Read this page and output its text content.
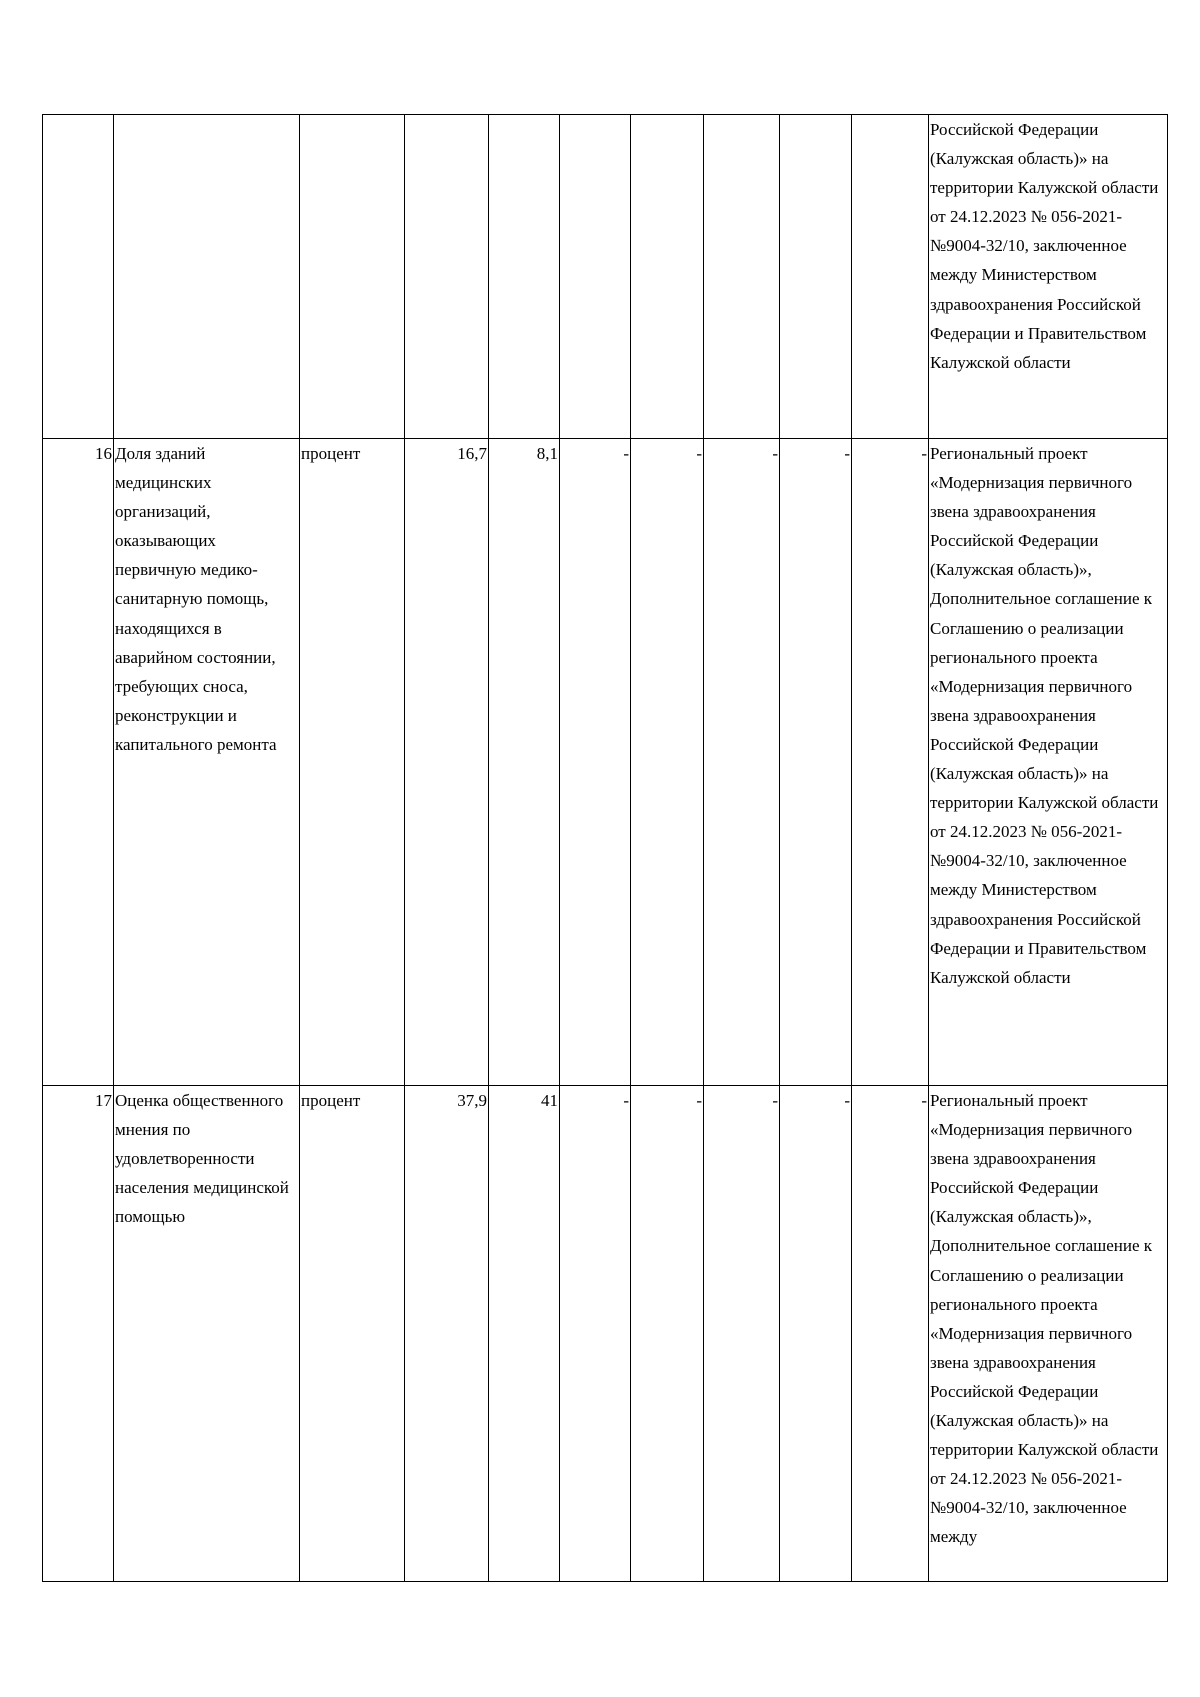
										Российской Федерации (Калужская область)» на территории Калужской области от 24.12.2023 № 056-2021-№9004-32/10, заключенное между Министерством здравоохранения Российской Федерации и Правительством Калужской области
16	Доля зданий медицинских организаций, оказывающих первичную медико-санитарную помощь, находящихся в аварийном состоянии, требующих сноса, реконструкции и капитального ремонта	процент	16,7	8,1	-	-	-	-	-	Региональный проект «Модернизация первичного звена здравоохранения Российской Федерации (Калужская область)», Дополнительное соглашение к Соглашению о реализации регионального проекта «Модернизация первичного звена здравоохранения Российской Федерации (Калужская область)» на территории Калужской области от 24.12.2023 № 056-2021-№9004-32/10, заключенное между Министерством здравоохранения Российской Федерации и Правительством Калужской области
17	Оценка общественного мнения по удовлетворенности населения медицинской помощью	процент	37,9	41	-	-	-	-	-	Региональный проект «Модернизация первичного звена здравоохранения Российской Федерации (Калужская область)», Дополнительное соглашение к Соглашению о реализации регионального проекта «Модернизация первичного звена здравоохранения Российской Федерации (Калужская область)» на территории Калужской области от 24.12.2023 № 056-2021-№9004-32/10, заключенное между
